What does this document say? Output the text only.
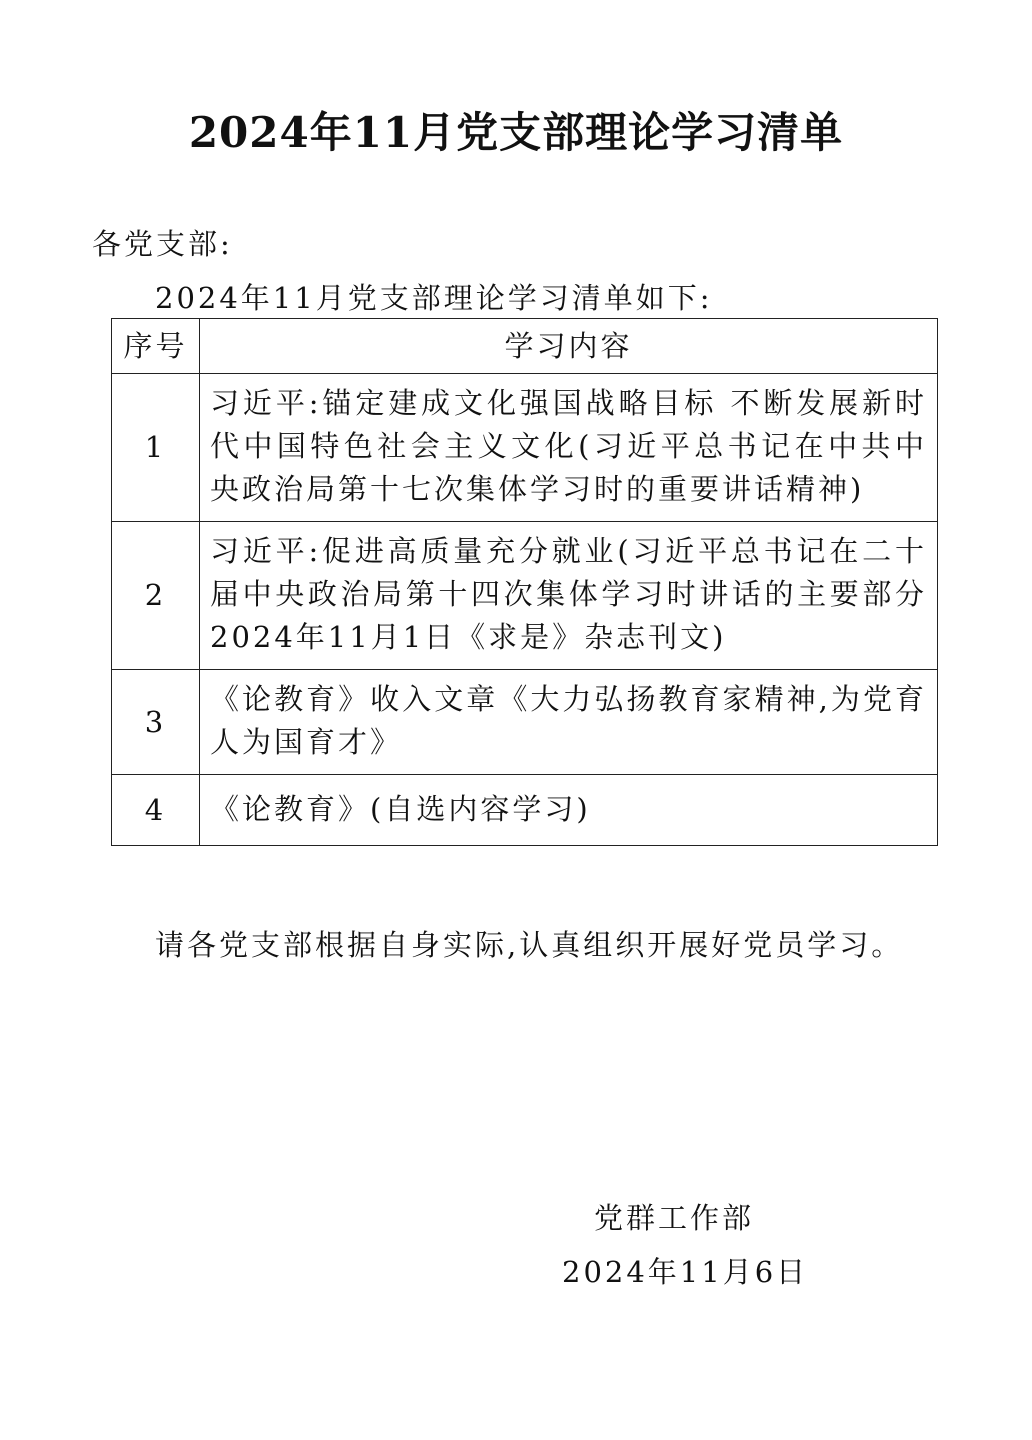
2024年11月党支部理论学习清单
各党支部:
2024年11月党支部理论学习清单如下:
序号	学习内容
1	习近平:锚定建成文化强国战略目标 不断发展新时代中国特色社会主义文化(习近平总书记在中共中央政治局第十七次集体学习时的重要讲话精神)
2	习近平:促进高质量充分就业(习近平总书记在二十届中央政治局第十四次集体学习时讲话的主要部分 2024年11月1日《求是》杂志刊文)
3	《论教育》收入文章《大力弘扬教育家精神,为党育人为国育才》
4	《论教育》(自选内容学习)
请各党支部根据自身实际,认真组织开展好党员学习。
党群工作部
2024年11月6日
